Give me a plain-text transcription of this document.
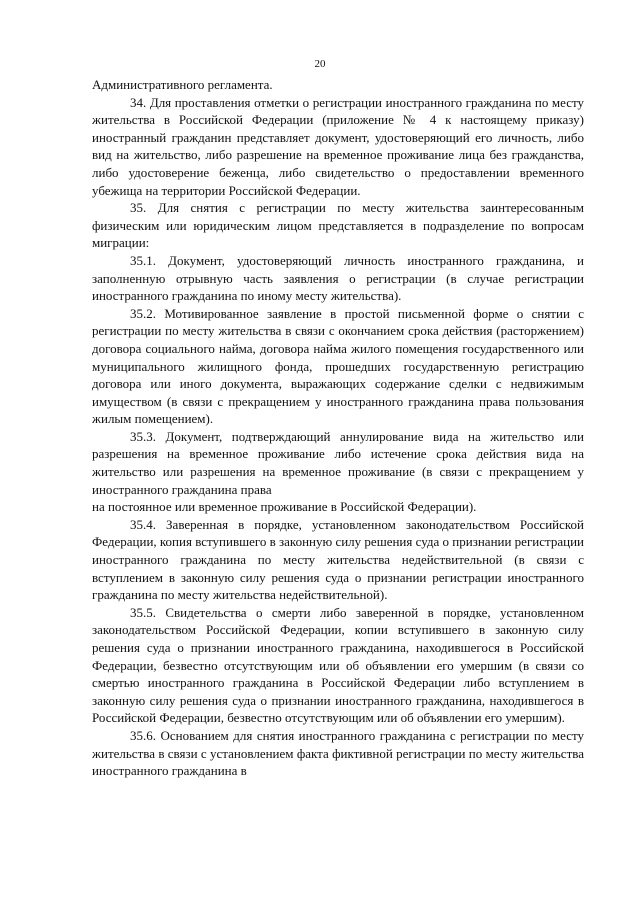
20

Административного регламента.

34. Для проставления отметки о регистрации иностранного гражданина по месту жительства в Российской Федерации (приложение № 4 к настоящему приказу) иностранный гражданин представляет документ, удостоверяющий его личность, либо вид на жительство, либо разрешение на временное проживание лица без гражданства, либо удостоверение беженца, либо свидетельство о предоставлении временного убежища на территории Российской Федерации.

35. Для снятия с регистрации по месту жительства заинтересованным физическим или юридическим лицом представляется в подразделение по вопросам миграции:

35.1. Документ, удостоверяющий личность иностранного гражданина, и заполненную отрывную часть заявления о регистрации (в случае регистрации иностранного гражданина по иному месту жительства).

35.2. Мотивированное заявление в простой письменной форме о снятии с регистрации по месту жительства в связи с окончанием срока действия (расторжением) договора социального найма, договора найма жилого помещения государственного или муниципального жилищного фонда, прошедших государственную регистрацию договора или иного документа, выражающих содержание сделки с недвижимым имуществом (в связи с прекращением у иностранного гражданина права пользования жилым помещением).

35.3. Документ, подтверждающий аннулирование вида на жительство или разрешения на временное проживание либо истечение срока действия вида на жительство или разрешения на временное проживание (в связи с прекращением у иностранного гражданина права

на постоянное или временное проживание в Российской Федерации).

35.4. Заверенная в порядке, установленном законодательством Российской Федерации, копия вступившего в законную силу решения суда о признании регистрации иностранного гражданина по месту жительства недействительной (в связи с вступлением в законную силу решения суда о признании регистрации иностранного гражданина по месту жительства недействительной).

35.5. Свидетельства о смерти либо заверенной в порядке, установленном законодательством Российской Федерации, копии вступившего в законную силу решения суда о признании иностранного гражданина, находившегося в Российской Федерации, безвестно отсутствующим или об объявлении его умершим (в связи со смертью иностранного гражданина в Российской Федерации либо вступлением в законную силу решения суда о признании иностранного гражданина, находившегося в Российской Федерации, безвестно отсутствующим или об объявлении его умершим).

35.6. Основанием для снятия иностранного гражданина с регистрации по месту жительства в связи с установлением факта фиктивной регистрации по месту жительства иностранного гражданина в
